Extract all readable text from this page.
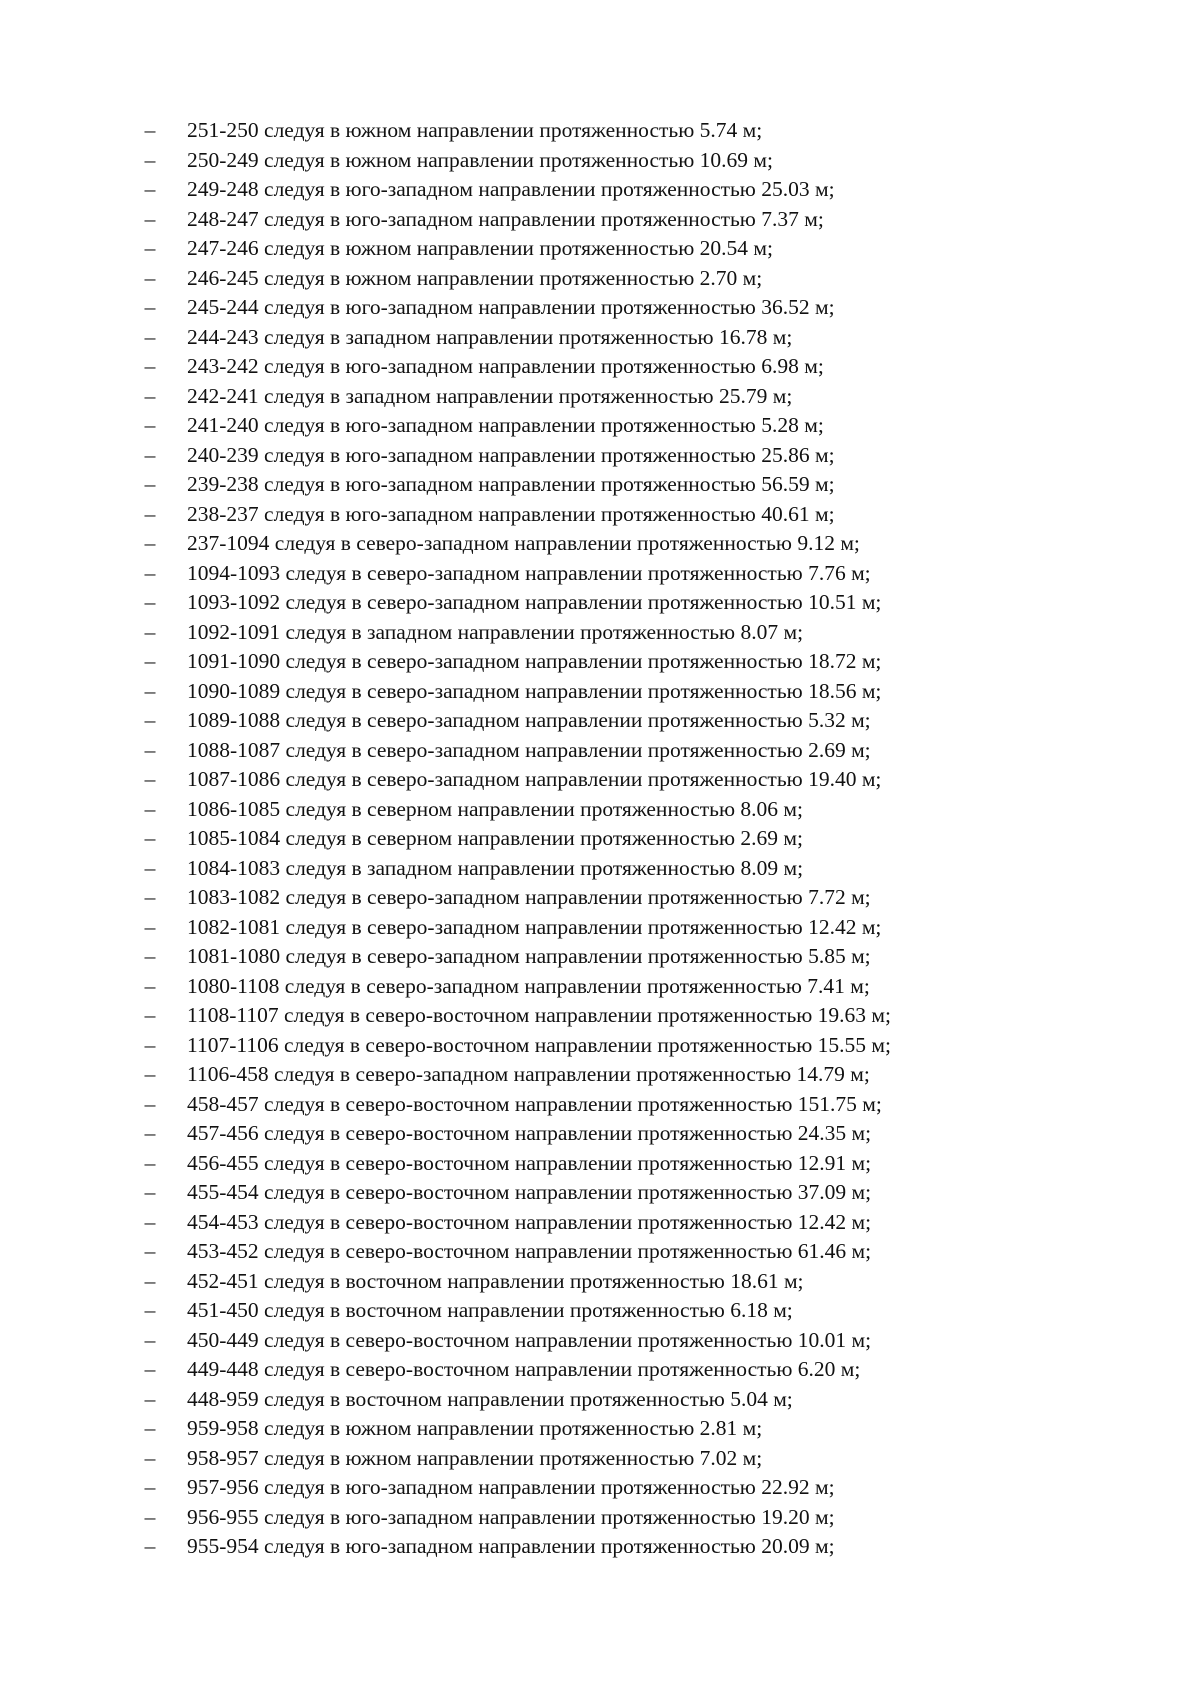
– 251-250 следуя в южном направлении протяженностью 5.74 м;
– 250-249 следуя в южном направлении протяженностью 10.69 м;
– 249-248 следуя в юго-западном направлении протяженностью 25.03 м;
– 248-247 следуя в юго-западном направлении протяженностью 7.37 м;
– 247-246 следуя в южном направлении протяженностью 20.54 м;
– 246-245 следуя в южном направлении протяженностью 2.70 м;
– 245-244 следуя в юго-западном направлении протяженностью 36.52 м;
– 244-243 следуя в западном направлении протяженностью 16.78 м;
– 243-242 следуя в юго-западном направлении протяженностью 6.98 м;
– 242-241 следуя в западном направлении протяженностью 25.79 м;
– 241-240 следуя в юго-западном направлении протяженностью 5.28 м;
– 240-239 следуя в юго-западном направлении протяженностью 25.86 м;
– 239-238 следуя в юго-западном направлении протяженностью 56.59 м;
– 238-237 следуя в юго-западном направлении протяженностью 40.61 м;
– 237-1094 следуя в северо-западном направлении протяженностью 9.12 м;
– 1094-1093 следуя в северо-западном направлении протяженностью 7.76 м;
– 1093-1092 следуя в северо-западном направлении протяженностью 10.51 м;
– 1092-1091 следуя в западном направлении протяженностью 8.07 м;
– 1091-1090 следуя в северо-западном направлении протяженностью 18.72 м;
– 1090-1089 следуя в северо-западном направлении протяженностью 18.56 м;
– 1089-1088 следуя в северо-западном направлении протяженностью 5.32 м;
– 1088-1087 следуя в северо-западном направлении протяженностью 2.69 м;
– 1087-1086 следуя в северо-западном направлении протяженностью 19.40 м;
– 1086-1085 следуя в северном направлении протяженностью 8.06 м;
– 1085-1084 следуя в северном направлении протяженностью 2.69 м;
– 1084-1083 следуя в западном направлении протяженностью 8.09 м;
– 1083-1082 следуя в северо-западном направлении протяженностью 7.72 м;
– 1082-1081 следуя в северо-западном направлении протяженностью 12.42 м;
– 1081-1080 следуя в северо-западном направлении протяженностью 5.85 м;
– 1080-1108 следуя в северо-западном направлении протяженностью 7.41 м;
– 1108-1107 следуя в северо-восточном направлении протяженностью 19.63 м;
– 1107-1106 следуя в северо-восточном направлении протяженностью 15.55 м;
– 1106-458 следуя в северо-западном направлении протяженностью 14.79 м;
– 458-457 следуя в северо-восточном направлении протяженностью 151.75 м;
– 457-456 следуя в северо-восточном направлении протяженностью 24.35 м;
– 456-455 следуя в северо-восточном направлении протяженностью 12.91 м;
– 455-454 следуя в северо-восточном направлении протяженностью 37.09 м;
– 454-453 следуя в северо-восточном направлении протяженностью 12.42 м;
– 453-452 следуя в северо-восточном направлении протяженностью 61.46 м;
– 452-451 следуя в восточном направлении протяженностью 18.61 м;
– 451-450 следуя в восточном направлении протяженностью 6.18 м;
– 450-449 следуя в северо-восточном направлении протяженностью 10.01 м;
– 449-448 следуя в северо-восточном направлении протяженностью 6.20 м;
– 448-959 следуя в восточном направлении протяженностью 5.04 м;
– 959-958 следуя в южном направлении протяженностью 2.81 м;
– 958-957 следуя в южном направлении протяженностью 7.02 м;
– 957-956 следуя в юго-западном направлении протяженностью 22.92 м;
– 956-955 следуя в юго-западном направлении протяженностью 19.20 м;
– 955-954 следуя в юго-западном направлении протяженностью 20.09 м;
